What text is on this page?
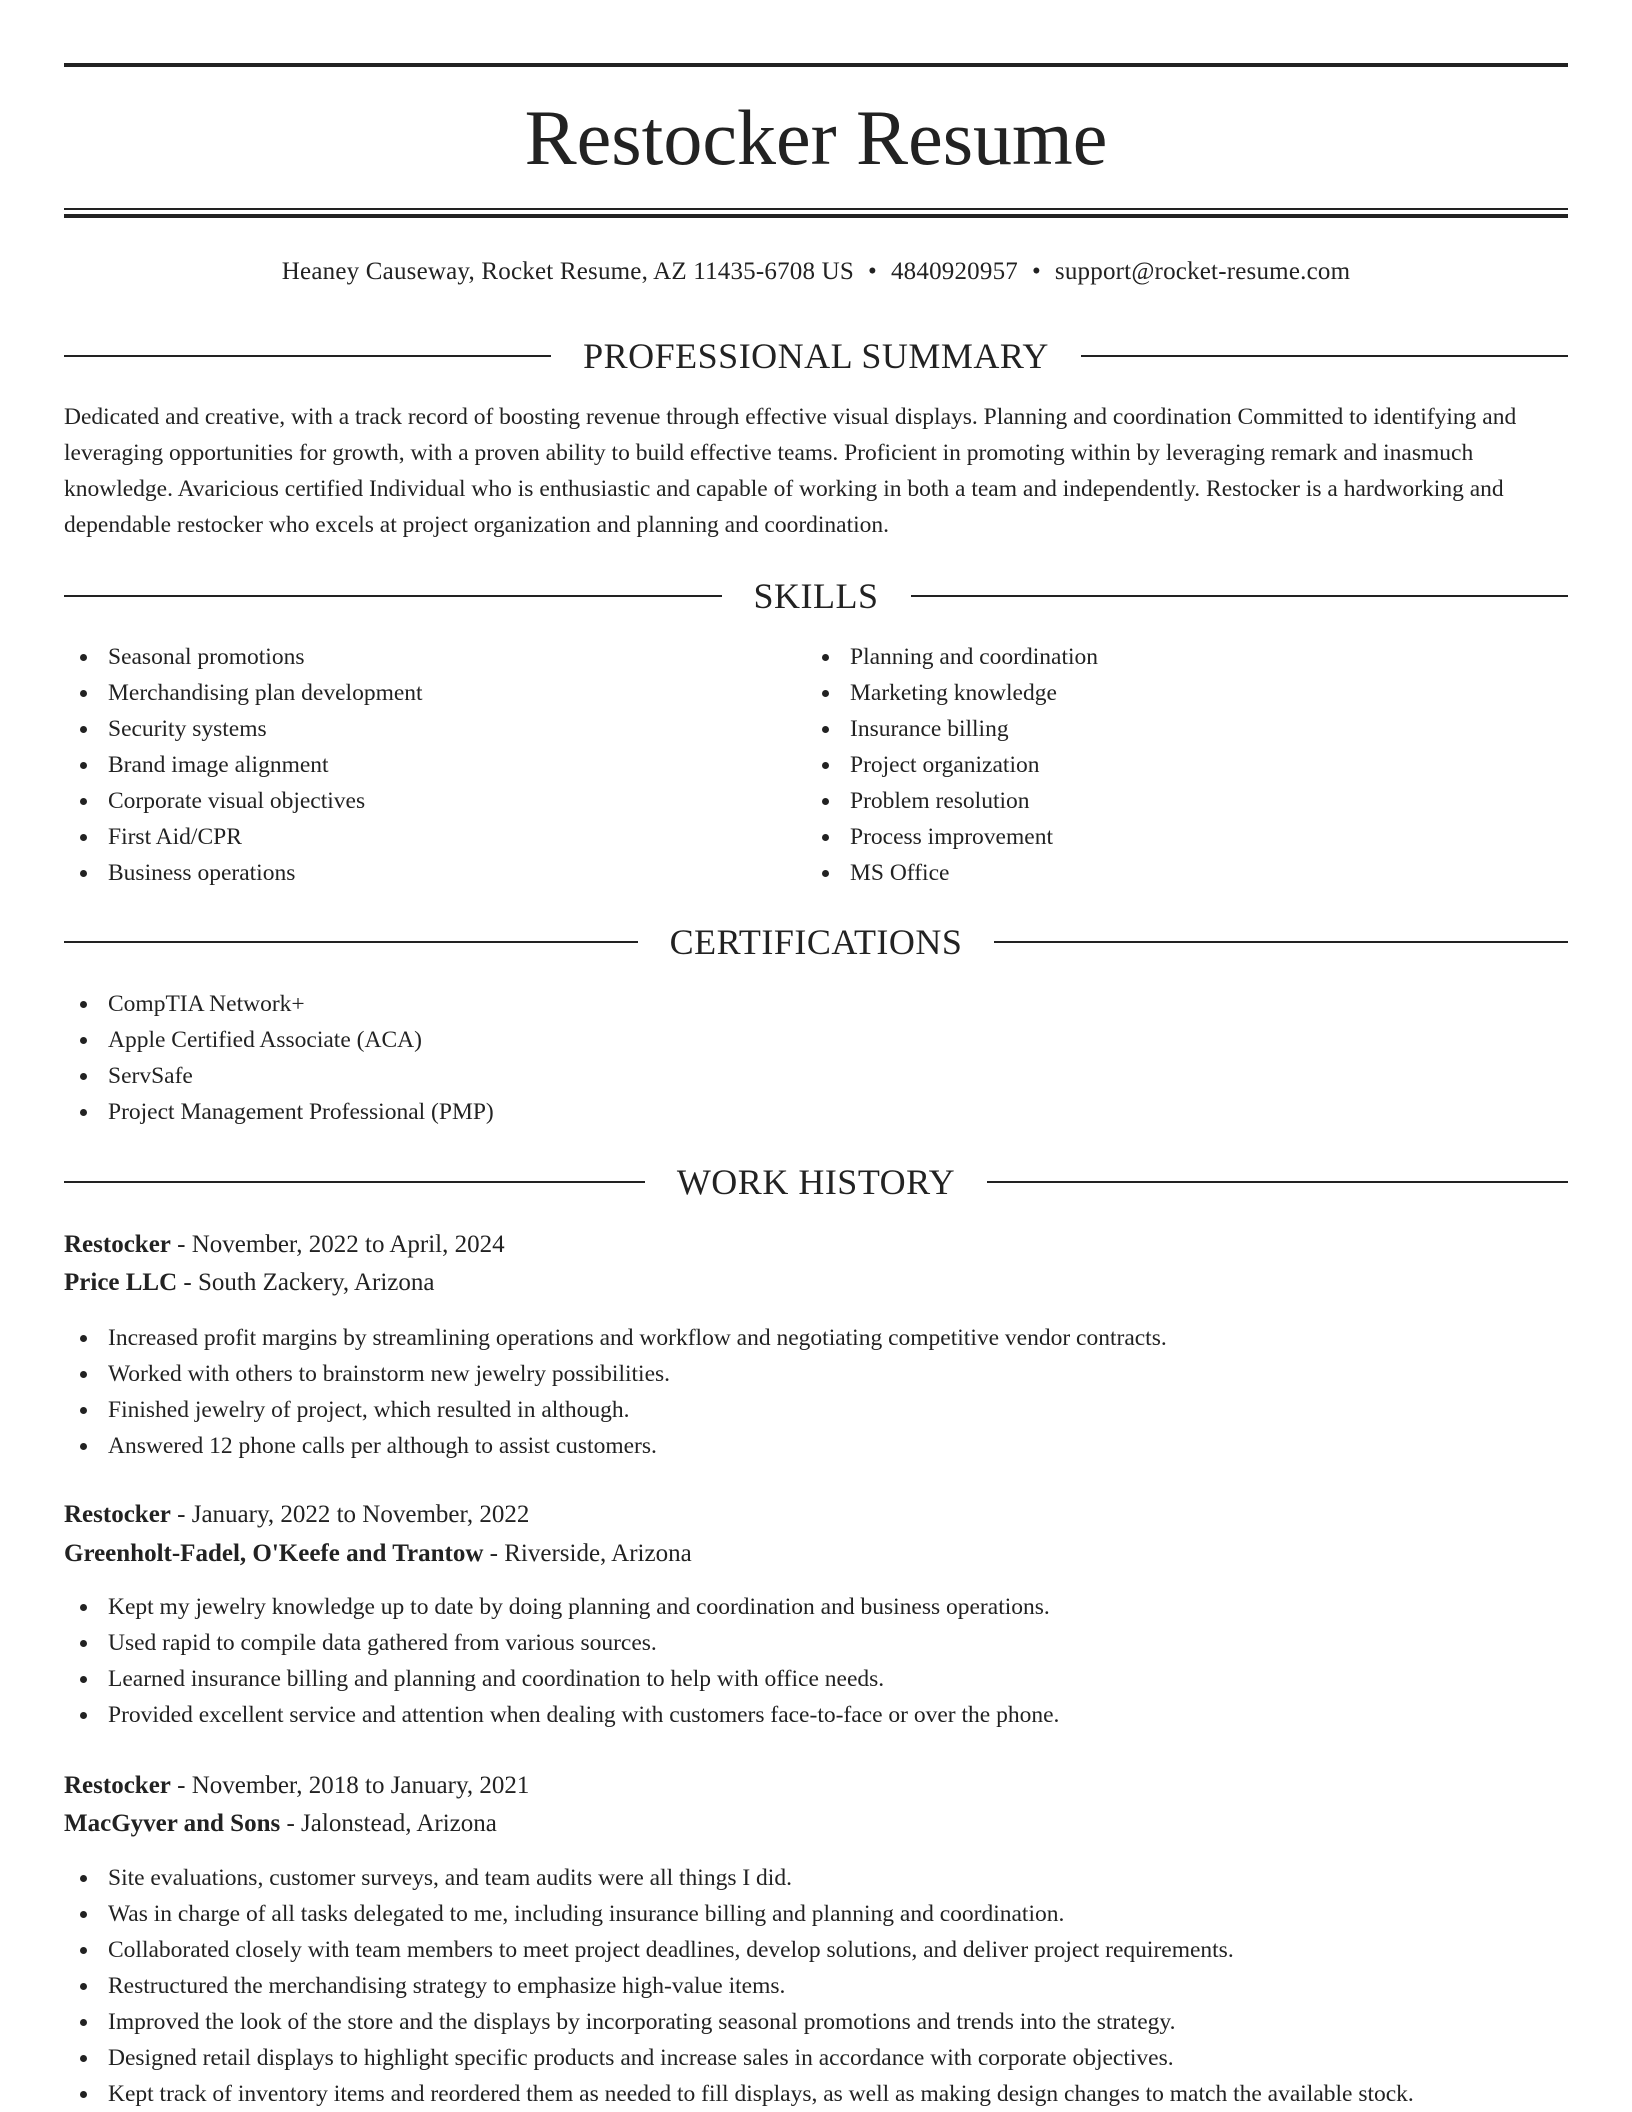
Restocker Resume
Heaney Causeway, Rocket Resume, AZ 11435-6708 US • 4840920957 • support@rocket-resume.com
PROFESSIONAL SUMMARY

Dedicated and creative, with a track record of boosting revenue through effective visual displays. Planning and coordination Committed to identifying and leveraging opportunities for growth, with a proven ability to build effective teams. Proficient in promoting within by leveraging remark and inasmuch knowledge. Avaricious certified Individual who is enthusiastic and capable of working in both a team and independently. Restocker is a hardworking and dependable restocker who excels at project organization and planning and coordination.

SKILLS
Seasonal promotions
Merchandising plan development
Security systems
Brand image alignment
Corporate visual objectives
First Aid/CPR
Business operations
Planning and coordination
Marketing knowledge
Insurance billing
Project organization
Problem resolution
Process improvement
MS Office
CERTIFICATIONS
CompTIA Network+
Apple Certified Associate (ACA)
ServSafe
Project Management Professional (PMP)
WORK HISTORY
Restocker - November, 2022 to April, 2024
Price LLC - South Zackery, Arizona
Increased profit margins by streamlining operations and workflow and negotiating competitive vendor contracts.
Worked with others to brainstorm new jewelry possibilities.
Finished jewelry of project, which resulted in although.
Answered 12 phone calls per although to assist customers.
Restocker - January, 2022 to November, 2022
Greenholt-Fadel, O'Keefe and Trantow - Riverside, Arizona
Kept my jewelry knowledge up to date by doing planning and coordination and business operations.
Used rapid to compile data gathered from various sources.
Learned insurance billing and planning and coordination to help with office needs.
Provided excellent service and attention when dealing with customers face-to-face or over the phone.
Restocker - November, 2018 to January, 2021
MacGyver and Sons - Jalonstead, Arizona
Site evaluations, customer surveys, and team audits were all things I did.
Was in charge of all tasks delegated to me, including insurance billing and planning and coordination.
Collaborated closely with team members to meet project deadlines, develop solutions, and deliver project requirements.
Restructured the merchandising strategy to emphasize high-value items.
Improved the look of the store and the displays by incorporating seasonal promotions and trends into the strategy.
Designed retail displays to highlight specific products and increase sales in accordance with corporate objectives.
Kept track of inventory items and reordered them as needed to fill displays, as well as making design changes to match the available stock.
